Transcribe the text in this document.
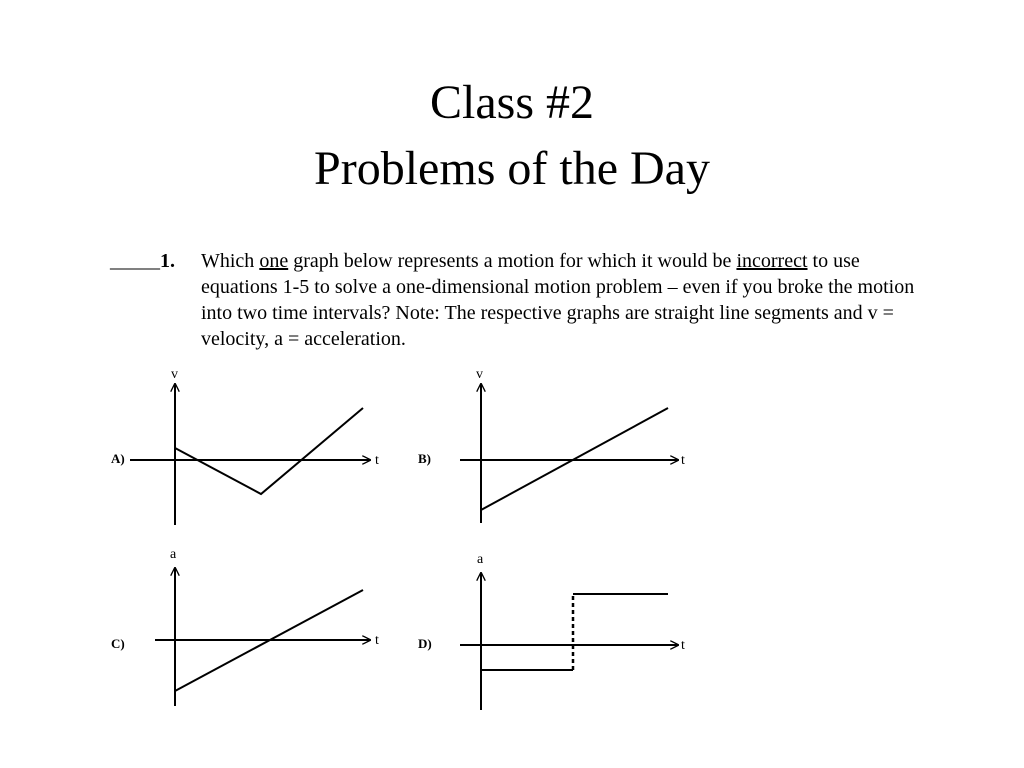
Class #2
Problems of the Day
_____1.	Which one graph below represents a motion for which it would be incorrect to use equations 1-5 to solve a one-dimensional motion problem – even if you broke the motion into two time intervals? Note: The respective graphs are straight line segments and v = velocity, a = acceleration.
A)
v
t	B)
v
t
C)
a
t	D)
a
t
